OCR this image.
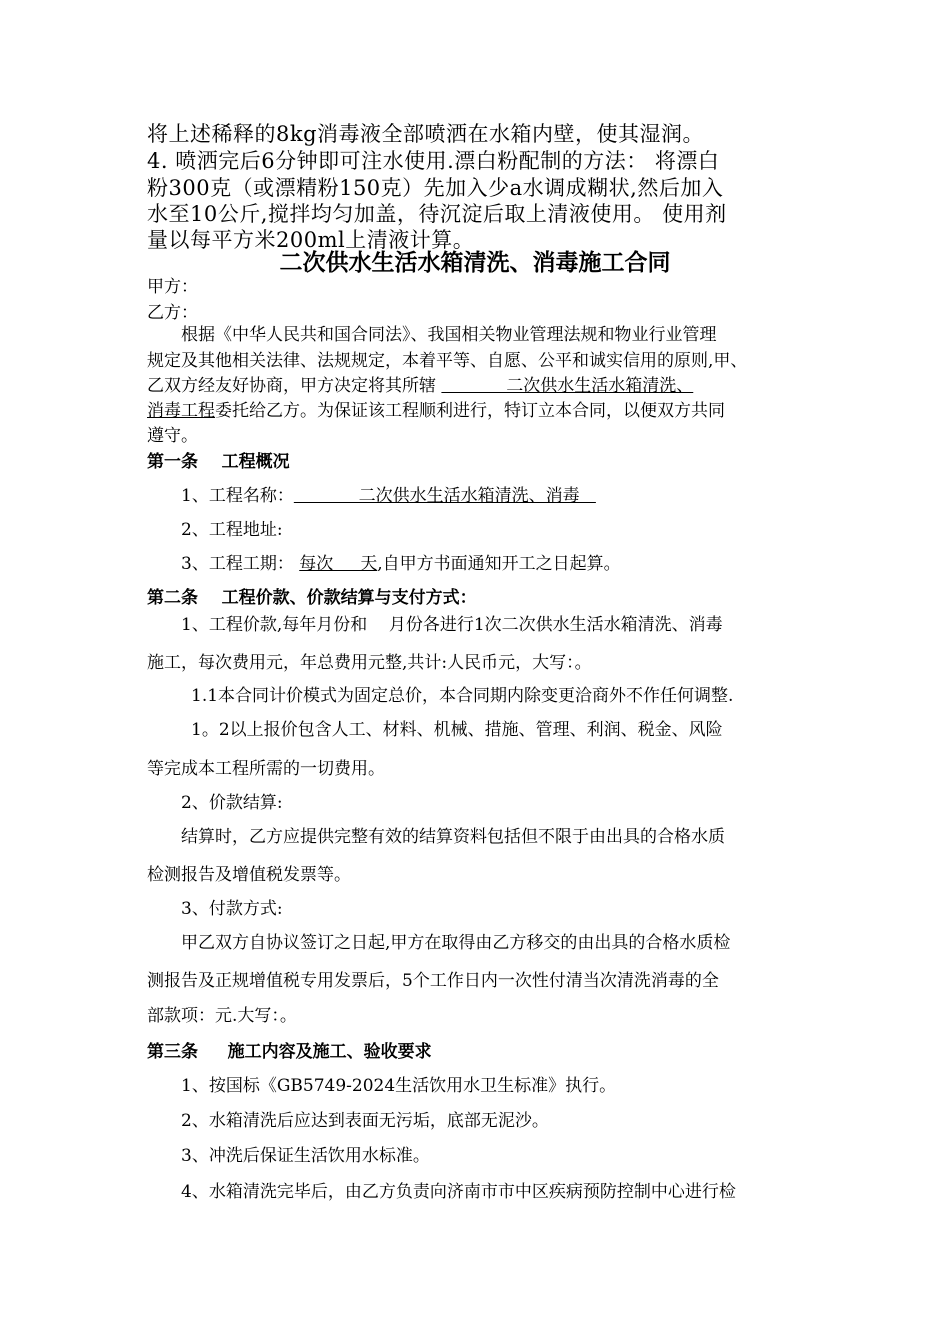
将上述稀释的8kg消毒液全部喷洒在水箱内壁，使其湿润。
4. 喷洒完后6分钟即可注水使用.漂白粉配制的方法： 将漂白
粉300克（或漂精粉150克）先加入少a水调成糊状,然后加入
水至10公斤,搅拌均匀加盖，待沉淀后取上清液使用。 使用剂
量以每平方米200ml上清液计算。
二次供水生活水箱清洗、消毒施工合同
甲方：
乙方：
根据《中华人民共和国合同法》、我国相关物业管理法规和物业行业管理
规定及其他相关法律、法规规定，本着平等、自愿、公平和诚实信用的原则,甲、
乙双方经友好协商，甲方决定将其所辖             二次供水生活水箱清洗、
消毒工程委托给乙方。为保证该工程顺利进行，特订立本合同，以便双方共同
遵守。
第一条    工程概况
1、工程名称：            二次供水生活水箱清洗、消毒
2、工程地址:
3、工程工期： 每次     天,自甲方书面通知开工之日起算。
第二条    工程价款、价款结算与支付方式：
1、工程价款,每年月份和    月份各进行1次二次供水生活水箱清洗、消毒
施工，每次费用元，年总费用元整,共计:人民币元，大写：。
1.1本合同计价模式为固定总价，本合同期内除变更洽商外不作任何调整.
1。2以上报价包含人工、材料、机械、措施、管理、利润、税金、风险
等完成本工程所需的一切费用。
2、价款结算:
结算时，乙方应提供完整有效的结算资料包括但不限于由出具的合格水质
检测报告及增值税发票等。
3、付款方式:
甲乙双方自协议签订之日起,甲方在取得由乙方移交的由出具的合格水质检
测报告及正规增值税专用发票后，5个工作日内一次性付清当次清洗消毒的全
部款项：元.大写：。
第三条     施工内容及施工、验收要求
1、按国标《GB5749-2024生活饮用水卫生标准》执行。
2、水箱清洗后应达到表面无污垢，底部无泥沙。
3、冲洗后保证生活饮用水标准。
4、水箱清洗完毕后，由乙方负责向济南市市中区疾病预防控制中心进行检
